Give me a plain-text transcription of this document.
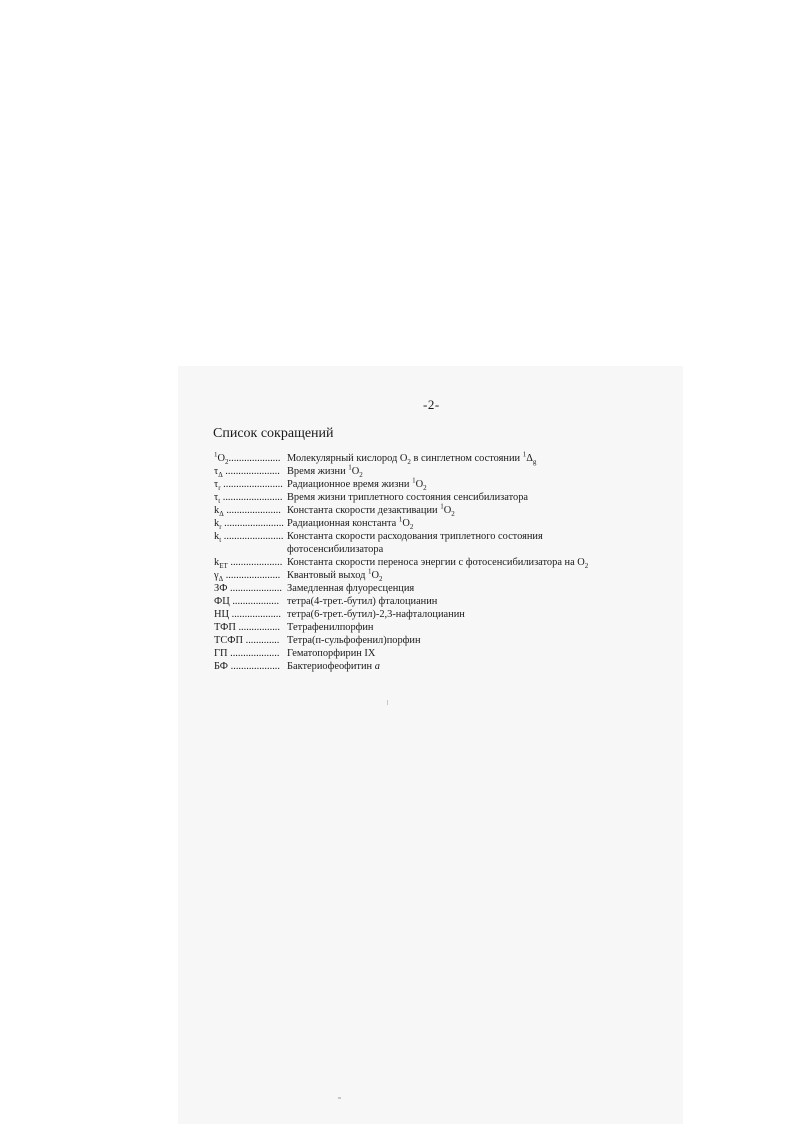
-2-
Список сокращений
$^1O_2$.................... Молекулярный кислород $O_2$ в синглетном состоянии $^1\Delta_g$
$\tau_\Delta$ ..................... Время жизни $^1O_2$
$\tau_r$ ....................... Радиационное время жизни $^1O_2$
$\tau_t$ ....................... Время жизни триплетного состояния сенсибилизатора
$k_\Delta$ ..................... Константа скорости дезактивации $^1O_2$
$k_r$ ....................... Радиационная константа $^1O_2$
$k_t$ ....................... Константа скорости расходования триплетного состояния фотосенсибилизатора
$k_{ET}$ .................... Константа скорости переноса энергии с фотосенсибилизатора на $O_2$
$\gamma_\Delta$ ..................... Квантовый выход $^1O_2$
ЗФ .................... Замедленная флуоресценция
ФЦ .................. тетра(4-трет.-бутил) фталоцианин
НЦ ................... тетра(6-трет.-бутил)-2,3-нафталоцианин
ТФП ................ Тетрафенилпорфин
ТСФП ............. Тетра(п-сульфофенил)порфин
ГП ................... Гематопорфирин IX
БФ ................... Бактериофеофитин a
